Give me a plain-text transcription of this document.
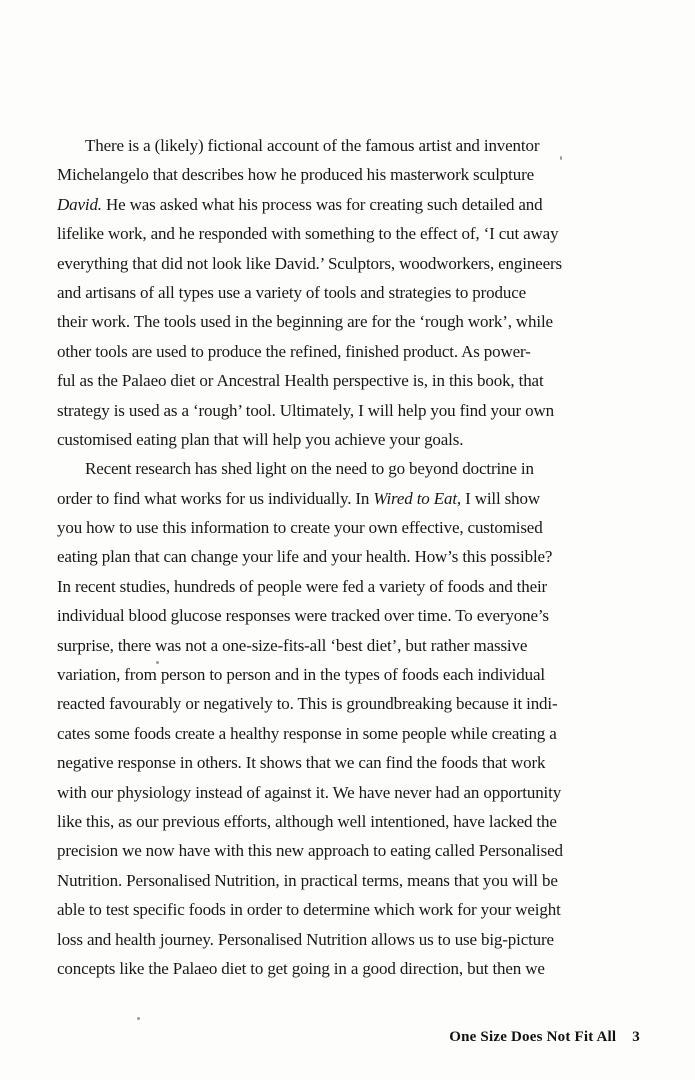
There is a (likely) fictional account of the famous artist and inventor
Michelangelo that describes how he produced his masterwork sculpture
David. He was asked what his process was for creating such detailed and
lifelike work, and he responded with something to the effect of, ‘I cut away
everything that did not look like David.’ Sculptors, woodworkers, engineers
and artisans of all types use a variety of tools and strategies to produce
their work. The tools used in the beginning are for the ‘rough work’, while
other tools are used to produce the refined, finished product. As power-
ful as the Palaeo diet or Ancestral Health perspective is, in this book, that
strategy is used as a ‘rough’ tool. Ultimately, I will help you find your own
customised eating plan that will help you achieve your goals.
Recent research has shed light on the need to go beyond doctrine in
order to find what works for us individually. In Wired to Eat, I will show
you how to use this information to create your own effective, customised
eating plan that can change your life and your health. How’s this possible?
In recent studies, hundreds of people were fed a variety of foods and their
individual blood glucose responses were tracked over time. To everyone’s
surprise, there was not a one-size-fits-all ‘best diet’, but rather massive
variation, from person to person and in the types of foods each individual
reacted favourably or negatively to. This is groundbreaking because it indi-
cates some foods create a healthy response in some people while creating a
negative response in others. It shows that we can find the foods that work
with our physiology instead of against it. We have never had an opportunity
like this, as our previous efforts, although well intentioned, have lacked the
precision we now have with this new approach to eating called Personalised
Nutrition. Personalised Nutrition, in practical terms, means that you will be
able to test specific foods in order to determine which work for your weight
loss and health journey. Personalised Nutrition allows us to use big-picture
concepts like the Palaeo diet to get going in a good direction, but then we
One Size Does Not Fit All 3
